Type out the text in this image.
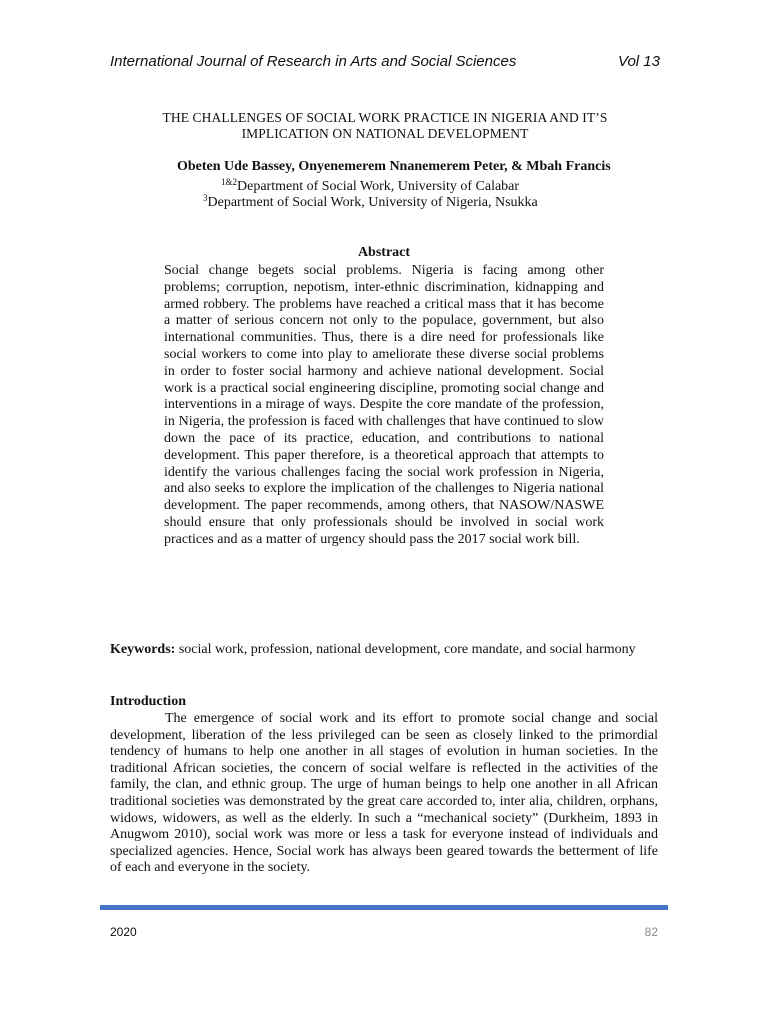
International Journal of Research in Arts and Social Sciences	Vol 13
THE CHALLENGES OF SOCIAL WORK PRACTICE IN NIGERIA AND IT’S
IMPLICATION ON NATIONAL DEVELOPMENT
Obeten Ude Bassey, Onyenemerem Nnanemerem Peter, & Mbah Francis
$^{1\&2}$Department of Social Work, University of Calabar
$^3$Department of Social Work, University of Nigeria, Nsukka
Abstract

Social change begets social problems. Nigeria is facing among other problems; corruption, nepotism, inter-ethnic discrimination, kidnapping and armed robbery. The problems have reached a critical mass that it has become a matter of serious concern not only to the populace, government, but also international communities. Thus, there is a dire need for professionals like social workers to come into play to ameliorate these diverse social problems in order to foster social harmony and achieve national development. Social work is a practical social engineering discipline, promoting social change and interventions in a mirage of ways. Despite the core mandate of the profession, in Nigeria, the profession is faced with challenges that have continued to slow down the pace of its practice, education, and contributions to national development. This paper therefore, is a theoretical approach that attempts to identify the various challenges facing the social work profession in Nigeria, and also seeks to explore the implication of the challenges to Nigeria national development. The paper recommends, among others, that NASOW/NASWE should ensure that only professionals should be involved in social work practices and as a matter of urgency should pass the 2017 social work bill.

Keywords: social work, profession, national development, core mandate, and social harmony

Introduction

The emergence of social work and its effort to promote social change and social development, liberation of the less privileged can be seen as closely linked to the primordial tendency of humans to help one another in all stages of evolution in human societies. In the traditional African societies, the concern of social welfare is reflected in the activities of the family, the clan, and ethnic group. The urge of human beings to help one another in all African traditional societies was demonstrated by the great care accorded to, inter alia, children, orphans, widows, widowers, as well as the elderly. In such a “mechanical society” (Durkheim, 1893 in Anugwom 2010), social work was more or less a task for everyone instead of individuals and specialized agencies. Hence, Social work has always been geared towards the betterment of life of each and everyone in the society.

2020	82
